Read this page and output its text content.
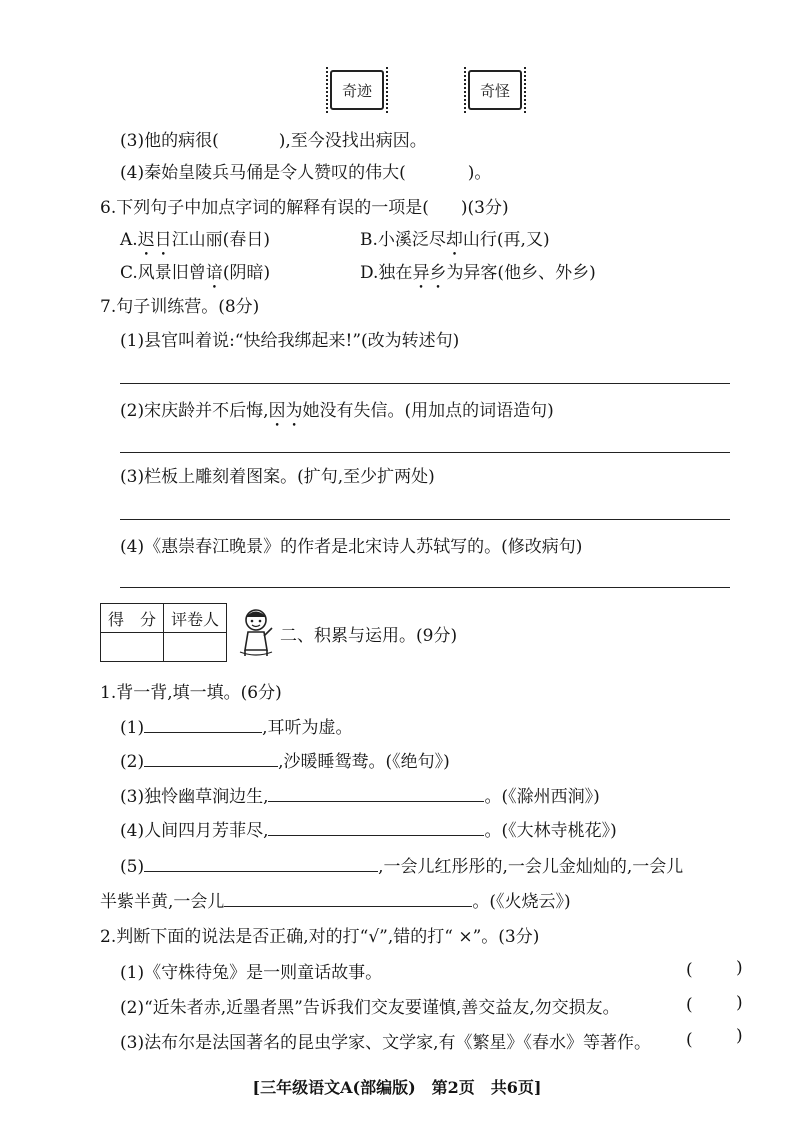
奇迹	奇怪
(3)他的病很(	),至今没找出病因。
(4)秦始皇陵兵马俑是令人赞叹的伟大(	)。
6.下列句子中加点字词的解释有误的一项是( )(3分)
A.迟日江山丽(春日)	B.小溪泛尽却山行(再,又)
C.风景旧曾谙(阴暗)	D.独在异乡为异客(他乡、外乡)
7.句子训练营。(8分)
(1)县官叫着说:“快给我绑起来!”(改为转述句)
(2)宋庆龄并不后悔,因为她没有失信。(用加点的词语造句)
(3)栏板上雕刻着图案。(扩句,至少扩两处)
(4)《惠崇春江晚景》的作者是北宋诗人苏轼写的。(修改病句)
得　分	评卷人

二、积累与运用。(9分)
1.背一背,填一填。(6分)
(1)	,耳听为虚。
(2)	,沙暖睡鸳鸯。(《绝句》)
(3)独怜幽草涧边生,	。(《滁州西涧》)
(4)人间四月芳菲尽,	。(《大林寺桃花》)
(5)	,一会儿红彤彤的,一会儿金灿灿的,一会儿
半紫半黄,一会儿	。(《火烧云》)
2.判断下面的说法是否正确,对的打“√”,错的打“ ×”。(3分)
(1)《守株待兔》是一则童话故事。	(	)
(2)“近朱者赤,近墨者黑”告诉我们交友要谨慎,善交益友,勿交损友。	(	)
(3)法布尔是法国著名的昆虫学家、文学家,有《繁星》《春水》等著作。 (	)
[三年级语文A(部编版)　第2页　共6页]
